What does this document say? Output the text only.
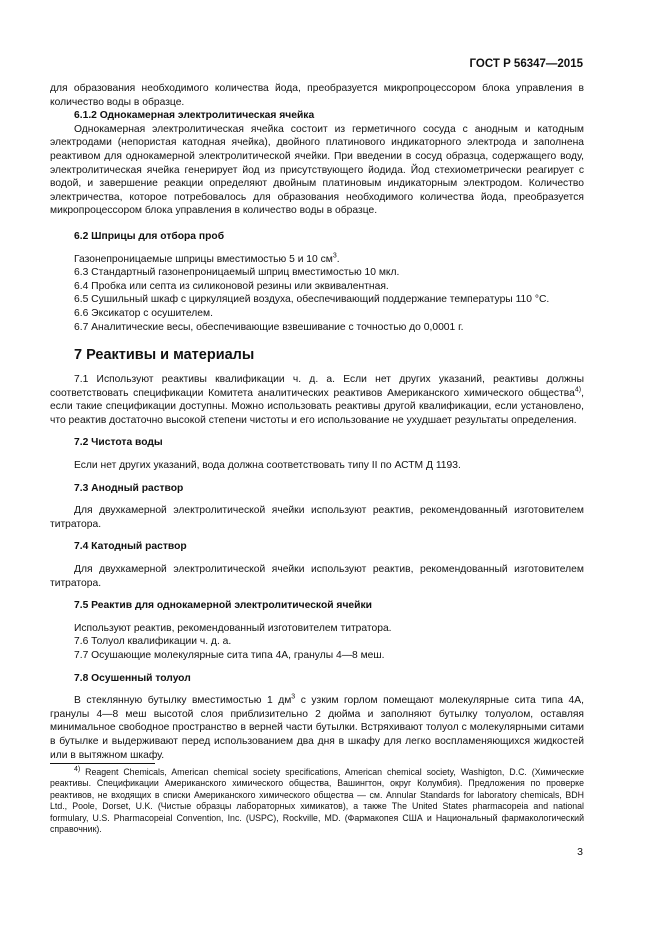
ГОСТ Р 56347—2015

для образования необходимого количества йода, преобразуется микропроцессором блока управления в количество воды в образце.

6.1.2 Однокамерная электролитическая ячейка

Однокамерная электролитическая ячейка состоит из герметичного сосуда с анодным и катодным электродами (непористая катодная ячейка), двойного платинового индикаторного электрода и заполнена реактивом для однокамерной электролитической ячейки. При введении в сосуд образца, содержащего воду, электролитическая ячейка генерирует йод из присутствующего йодида. Йод стехиометрически реагирует с водой, и завершение реакции определяют двойным платиновым индикаторным электродом. Количество электричества, которое потребовалось для образования необходимого количества йода, преобразуется микропроцессором блока управления в количество воды в образце.

6.2 Шприцы для отбора проб

Газонепроницаемые шприцы вместимостью 5 и 10 $см^3$.

6.3 Стандартный газонепроницаемый шприц вместимостью 10 мкл.

6.4 Пробка или септа из силиконовой резины или эквивалентная.

6.5 Сушильный шкаф с циркуляцией воздуха, обеспечивающий поддержание температуры 110 °С.

6.6 Эксикатор с осушителем.

6.7 Аналитические весы, обеспечивающие взвешивание с точностью до 0,0001 г.

7 Реактивы и материалы

7.1 Используют реактивы квалификации ч. д. а. Если нет других указаний, реактивы должны соответствовать спецификации Комитета аналитических реактивов Американского химического общества$^{4)}$, если такие спецификации доступны. Можно использовать реактивы другой квалификации, если установлено, что реактив достаточно высокой степени чистоты и его использование не ухудшает результаты определения.

7.2 Чистота воды

Если нет других указаний, вода должна соответствовать типу II по АСТМ Д 1193.

7.3 Анодный раствор

Для двухкамерной электролитической ячейки используют реактив, рекомендованный изготовителем титратора.

7.4 Катодный раствор

Для двухкамерной электролитической ячейки используют реактив, рекомендованный изготовителем титратора.

7.5 Реактив для однокамерной электролитической ячейки

Используют реактив, рекомендованный изготовителем титратора.

7.6 Толуол квалификации ч. д. а.

7.7 Осушающие молекулярные сита типа 4А, гранулы 4—8 меш.

7.8 Осушенный толуол

В стеклянную бутылку вместимостью 1 $дм^3$ с узким горлом помещают молекулярные сита типа 4А, гранулы 4—8 меш высотой слоя приблизительно 2 дюйма и заполняют бутылку толуолом, оставляя минимальное свободное пространство в верней части бутылки. Встряхивают толуол с молекулярными ситами в бутылке и выдерживают перед использованием два дня в шкафу для легко воспламеняющихся жидкостей или в вытяжном шкафу.

$^{4)}$ Reagent Chemicals, American chemical society specifications, American chemical society, Washigton, D.C. (Химические реактивы. Спецификации Американского химического общества, Вашингтон, округ Колумбия). Предложения по проверке реактивов, не входящих в списки Американского химического общества — см. Annular Standards for laboratory chemicals, BDH Ltd., Poole, Dorset, U.K. (Чистые образцы лабораторных химикатов), а также The United States pharmacopeia and national formulary, U.S. Pharmacopeial Convention, Inc. (USPC), Rockville, MD. (Фармакопея США и Национальный фармакологический справочник).

3
